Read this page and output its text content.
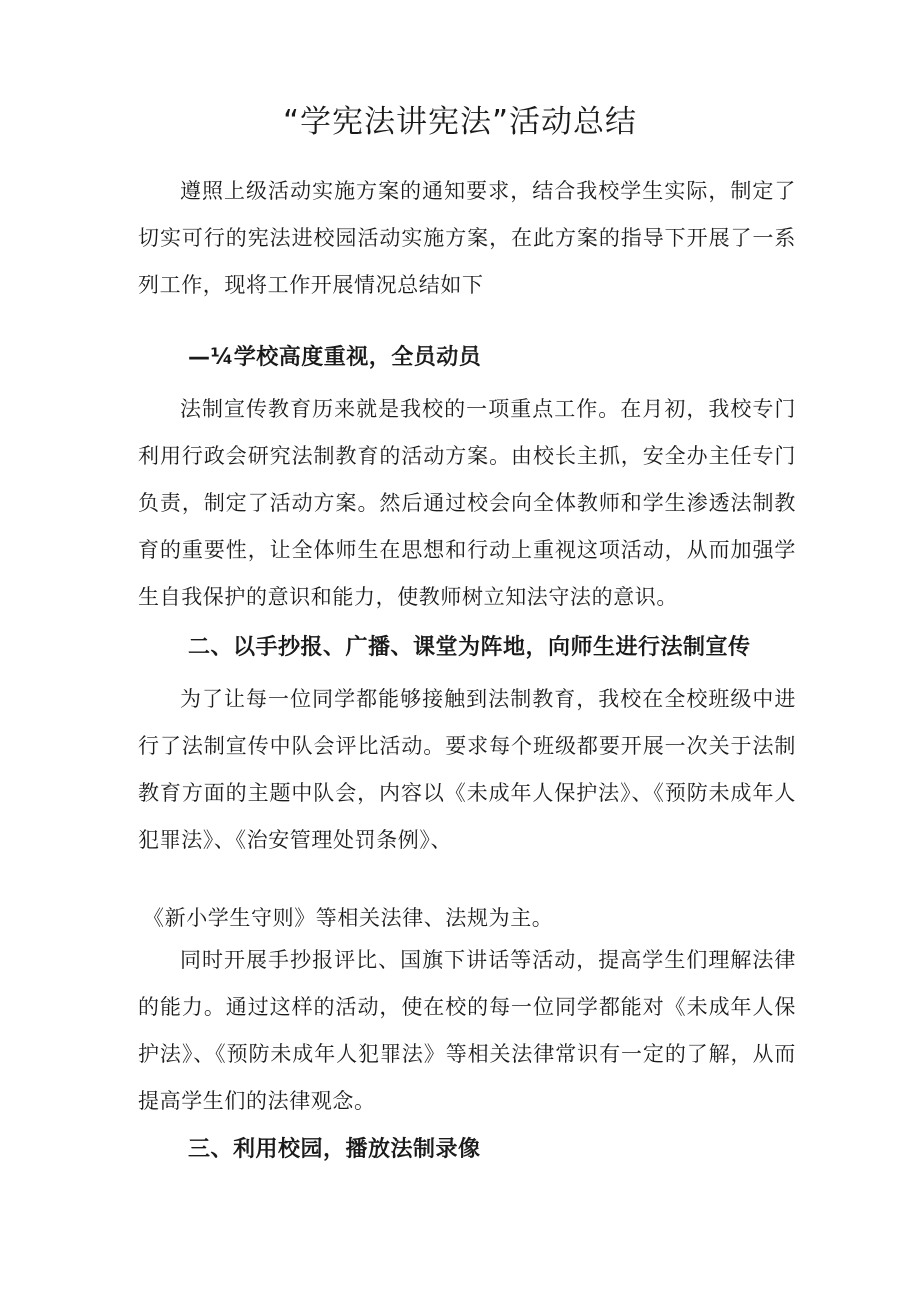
“学宪法讲宪法”活动总结

遵照上级活动实施方案的通知要求，结合我校学生实际，制定了切实可行的宪法进校园活动实施方案，在此方案的指导下开展了一系列工作，现将工作开展情况总结如下

—¼学校高度重视，全员动员

法制宣传教育历来就是我校的一项重点工作。在月初，我校专门利用行政会研究法制教育的活动方案。由校长主抓，安全办主任专门负责，制定了活动方案。然后通过校会向全体教师和学生渗透法制教育的重要性，让全体师生在思想和行动上重视这项活动，从而加强学生自我保护的意识和能力，使教师树立知法守法的意识。

二、以手抄报、广播、课堂为阵地，向师生进行法制宣传

为了让每一位同学都能够接触到法制教育，我校在全校班级中进行了法制宣传中队会评比活动。要求每个班级都要开展一次关于法制教育方面的主题中队会，内容以《未成年人保护法》、《预防未成年人犯罪法》、《治安管理处罚条例》、

《新小学生守则》等相关法律、法规为主。

同时开展手抄报评比、国旗下讲话等活动，提高学生们理解法律的能力。通过这样的活动，使在校的每一位同学都能对《未成年人保护法》、《预防未成年人犯罪法》等相关法律常识有一定的了解，从而提高学生们的法律观念。

三、利用校园，播放法制录像
